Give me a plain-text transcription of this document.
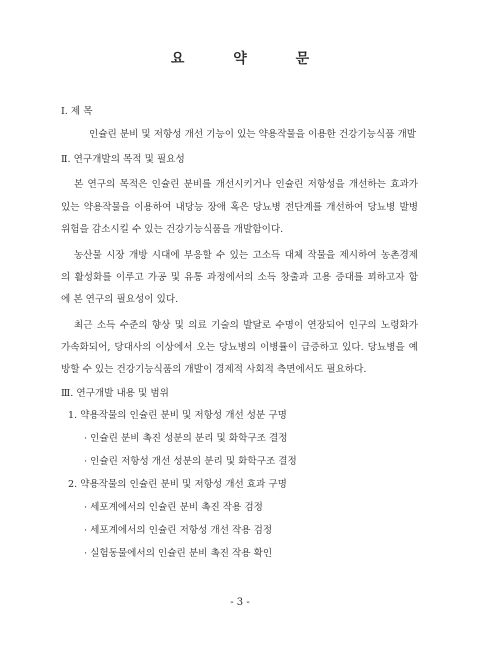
요 약 문
Ⅰ. 제 목
인슐린 분비 및 저항성 개선 기능이 있는 약용작물을 이용한 건강기능식품 개발
Ⅱ. 연구개발의 목적 및 필요성
본 연구의 목적은 인슐린 분비를 개선시키거나 인슐린 저항성을 개선하는 효과가
있는 약용작물을 이용하여 내당능 장애 혹은 당뇨병 전단계를 개선하여 당뇨병 발병
위험을 감소시킬 수 있는 건강기능식품을 개발함이다.
농산물 시장 개방 시대에 부응할 수 있는 고소득 대체 작물을 제시하여 농촌경제
의 활성화를 이루고 가공 및 유통 과정에서의 소득 창출과 고용 증대를 꾀하고자 함
에 본 연구의 필요성이 있다.
최근 소득 수준의 향상 및 의료 기술의 발달로 수명이 연장되어 인구의 노령화가
가속화되어, 당대사의 이상에서 오는 당뇨병의 이병률이 급증하고 있다. 당뇨병을 예
방할 수 있는 건강기능식품의 개발이 경제적 사회적 측면에서도 필요하다.
Ⅲ. 연구개발 내용 및 범위
1. 약용작물의 인슐린 분비 및 저항성 개선 성분 구명
· 인슐린 분비 촉진 성분의 분리 및 화학구조 결정
· 인슐린 저항성 개선 성분의 분리 및 화학구조 결정
2. 약용작물의 인슐린 분비 및 저항성 개선 효과 구명
· 세포계에서의 인슐린 분비 촉진 작용 검정
· 세포계에서의 인슐린 저항성 개선 작용 검정
· 실험동물에서의 인슐린 분비 촉진 작용 확인
- 3 -
